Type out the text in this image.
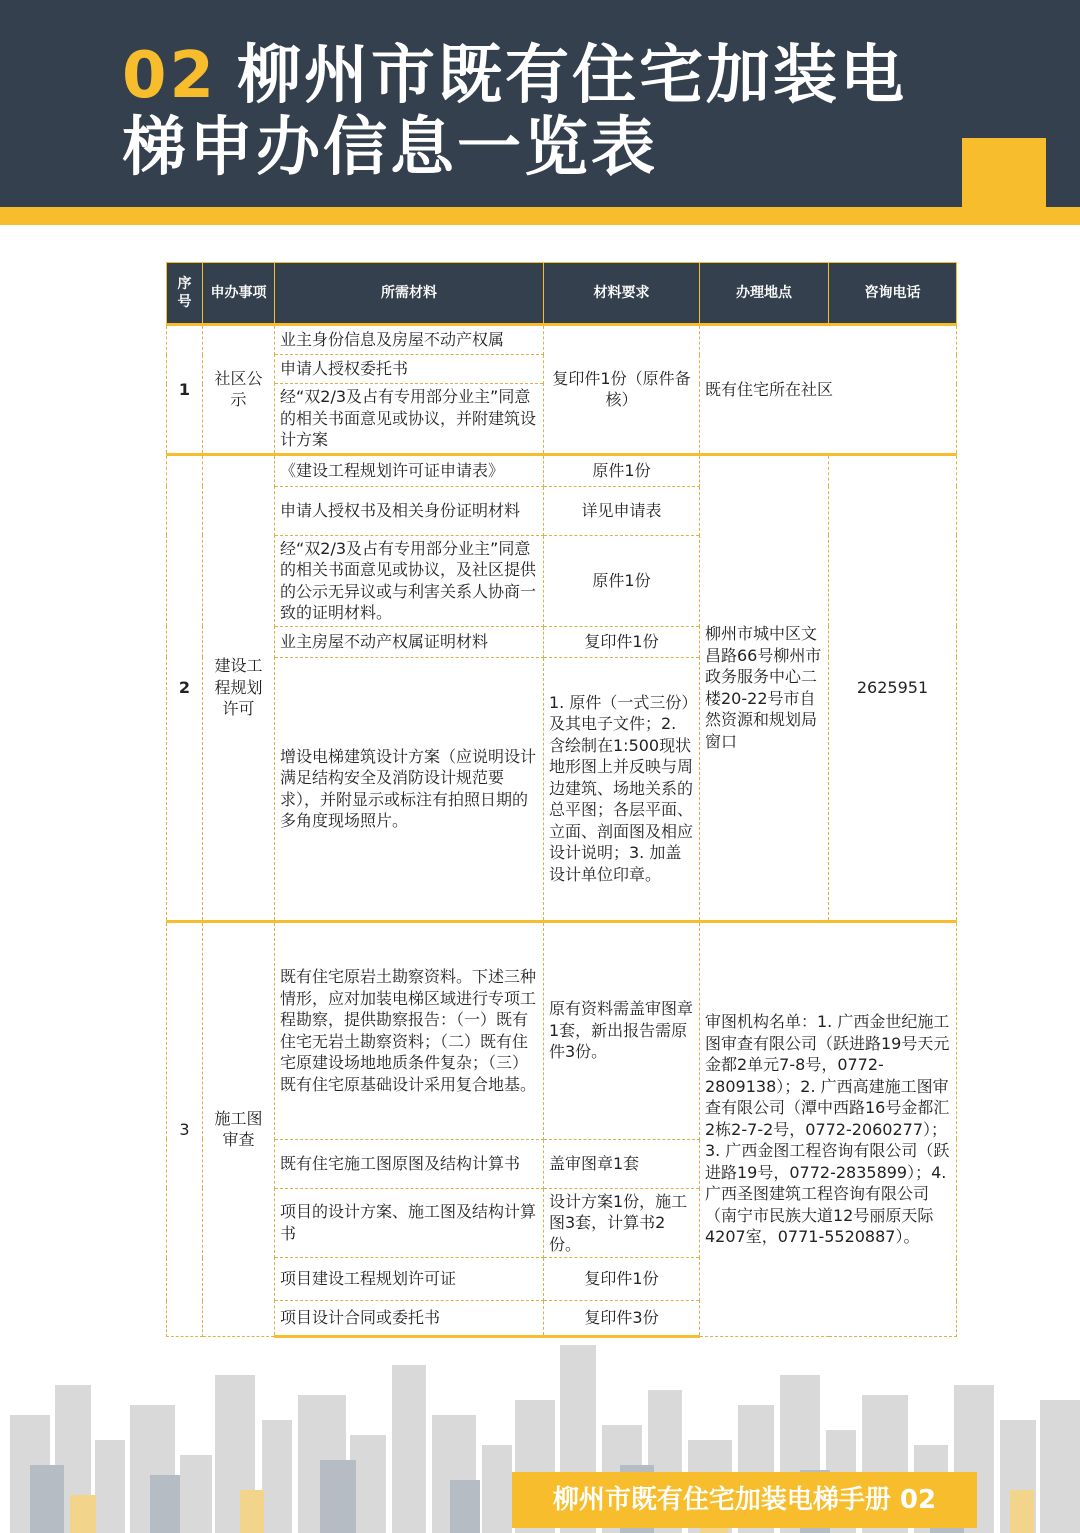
02 柳州市既有住宅加装电
梯申办信息一览表
序号	申办事项	所需材料	材料要求	办理地点	咨询电话
1	社区公示	业主身份信息及房屋不动产权属	复印件1份（原件备核）	既有住宅所在社区	
		申请人授权委托书			
		经“双2/3及占有专用部分业主”同意的相关书面意见或协议，并附建筑设计方案			
2	建设工程规划许可	《建设工程规划许可证申请表》	原件1份	柳州市城中区文昌路66号柳州市政务服务中心二楼20-22号市自然资源和规划局窗口	2625951
		申请人授权书及相关身份证明材料	详见申请表		
		经“双2/3及占有专用部分业主”同意的相关书面意见或协议，及社区提供的公示无异议或与利害关系人协商一致的证明材料。	原件1份		
		业主房屋不动产权属证明材料	复印件1份		
		增设电梯建筑设计方案（应说明设计满足结构安全及消防设计规范要求），并附显示或标注有拍照日期的多角度现场照片。	1. 原件（一式三份）及其电子文件；2. 含绘制在1:500现状地形图上并反映与周边建筑、场地关系的总平图；各层平面、立面、剖面图及相应设计说明；3. 加盖设计单位印章。		
3	施工图审查	既有住宅原岩土勘察资料。下述三种情形，应对加装电梯区域进行专项工程勘察，提供勘察报告：（一）既有住宅无岩土勘察资料；（二）既有住宅原建设场地地质条件复杂；（三）既有住宅原基础设计采用复合地基。	原有资料需盖审图章1套，新出报告需原件3份。	审图机构名单：1. 广西金世纪施工图审查有限公司（跃进路19号天元金都2单元7-8号，0772-2809138）；2. 广西高建施工图审查有限公司（潭中西路16号金都汇2栋2-7-2号，0772-2060277）；3. 广西金图工程咨询有限公司（跃进路19号，0772-2835899）；4. 广西圣图建筑工程咨询有限公司（南宁市民族大道12号丽原天际4207室，0771-5520887）。	
		既有住宅施工图原图及结构计算书	盖审图章1套		
		项目的设计方案、施工图及结构计算书	设计方案1份，施工图3套，计算书2份。		
		项目建设工程规划许可证	复印件1份		
		项目设计合同或委托书	复印件3份		
柳州市既有住宅加装电梯手册 02
